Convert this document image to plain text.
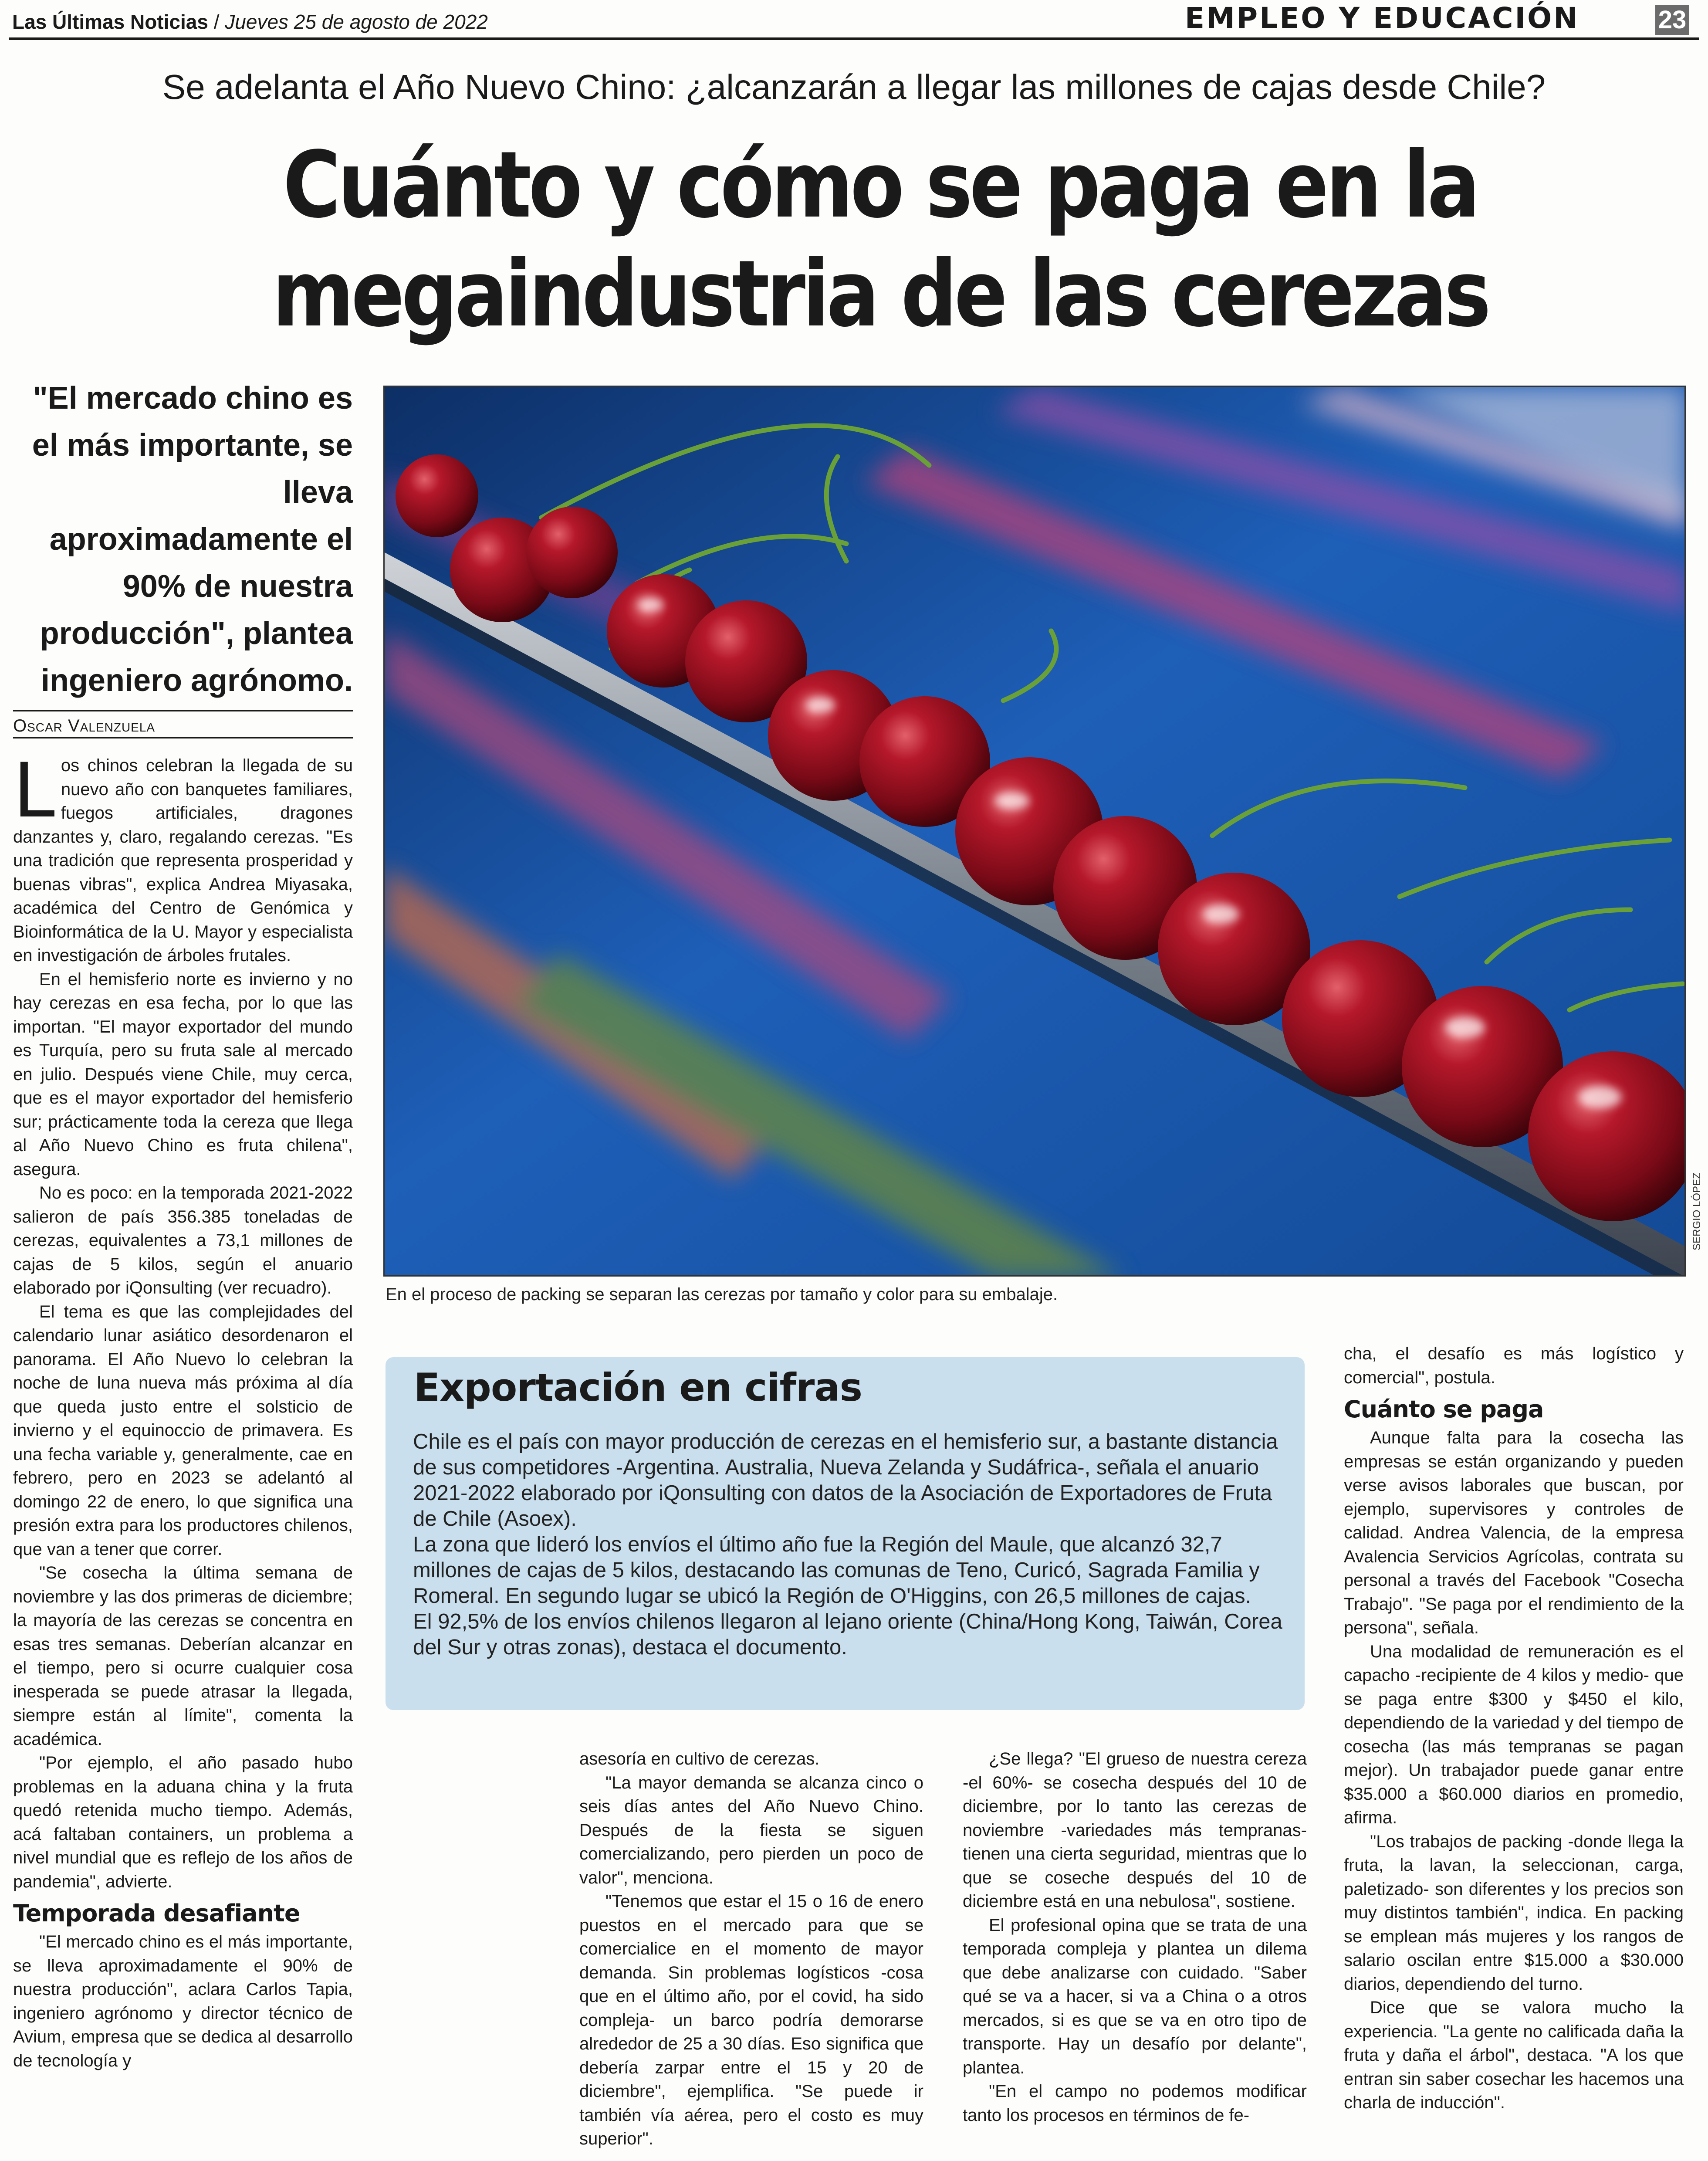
Las Últimas Noticias / Jueves 25 de agosto de 2022	EMPLEO Y EDUCACIÓN	23
Se adelanta el Año Nuevo Chino: ¿alcanzarán a llegar las millones de cajas desde Chile?
Cuánto y cómo se paga en la
megaindustria de las cerezas
"El mercado chino es el más importante, se lleva aproximadamente el 90% de nuestra producción", plantea ingeniero agrónomo.
Oscar Valenzuela

Los chinos celebran la llegada de su nuevo año con banquetes familiares, fuegos artificiales, dragones danzantes y, claro, regalando cerezas. "Es una tradición que representa prosperidad y buenas vibras", explica Andrea Miyasaka, académica del Centro de Genómica y Bioinformática de la U. Mayor y especialista en investigación de árboles frutales.

En el hemisferio norte es invierno y no hay cerezas en esa fecha, por lo que las importan. "El mayor exportador del mundo es Turquía, pero su fruta sale al mercado en julio. Después viene Chile, muy cerca, que es el mayor exportador del hemisferio sur; prácticamente toda la cereza que llega al Año Nuevo Chino es fruta chilena", asegura.

No es poco: en la temporada 2021-2022 salieron de país 356.385 toneladas de cerezas, equivalentes a 73,1 millones de cajas de 5 kilos, según el anuario elaborado por iQonsulting (ver recuadro).

El tema es que las complejidades del calendario lunar asiático desordenaron el panorama. El Año Nuevo lo celebran la noche de luna nueva más próxima al día que queda justo entre el solsticio de invierno y el equinoccio de primavera. Es una fecha variable y, generalmente, cae en febrero, pero en 2023 se adelantó al domingo 22 de enero, lo que significa una presión extra para los productores chilenos, que van a tener que correr.

"Se cosecha la última semana de noviembre y las dos primeras de diciembre; la mayoría de las cerezas se concentra en esas tres semanas. Deberían alcanzar en el tiempo, pero si ocurre cualquier cosa inesperada se puede atrasar la llegada, siempre están al límite", comenta la académica.

"Por ejemplo, el año pasado hubo problemas en la aduana china y la fruta quedó retenida mucho tiempo. Además, acá faltaban containers, un problema a nivel mundial que es reflejo de los años de pandemia", advierte.

Temporada desafiante

"El mercado chino es el más importante, se lleva aproximadamente el 90% de nuestra producción", aclara Carlos Tapia, ingeniero agrónomo y director técnico de Avium, empresa que se dedica al desarrollo de tecnología y

SERGIO LÓPEZ
En el proceso de packing se separan las cerezas por tamaño y color para su embalaje.
Exportación en cifras

Chile es el país con mayor producción de cerezas en el hemisferio sur, a bastante distancia de sus competidores -Argentina. Australia, Nueva Zelanda y Sudáfrica-, señala el anuario 2021-2022 elaborado por iQonsulting con datos de la Asociación de Exportadores de Fruta de Chile (Asoex).

La zona que lideró los envíos el último año fue la Región del Maule, que alcanzó 32,7 millones de cajas de 5 kilos, destacando las comunas de Teno, Curicó, Sagrada Familia y Romeral. En segundo lugar se ubicó la Región de O'Higgins, con 26,5 millones de cajas.

El 92,5% de los envíos chilenos llegaron al lejano oriente (China/Hong Kong, Taiwán, Corea del Sur y otras zonas), destaca el documento.

asesoría en cultivo de cerezas.

"La mayor demanda se alcanza cinco o seis días antes del Año Nuevo Chino. Después de la fiesta se siguen comercializando, pero pierden un poco de valor", menciona.

"Tenemos que estar el 15 o 16 de enero puestos en el mercado para que se comercialice en el momento de mayor demanda. Sin problemas logísticos -cosa que en el último año, por el covid, ha sido compleja- un barco podría demorarse alrededor de 25 a 30 días. Eso significa que debería zarpar entre el 15 y 20 de diciembre", ejemplifica. "Se puede ir también vía aérea, pero el costo es muy superior".

¿Se llega? "El grueso de nuestra cereza -el 60%- se cosecha después del 10 de diciembre, por lo tanto las cerezas de noviembre -variedades más tempranas- tienen una cierta seguridad, mientras que lo que se coseche después del 10 de diciembre está en una nebulosa", sostiene.

El profesional opina que se trata de una temporada compleja y plantea un dilema que debe analizarse con cuidado. "Saber qué se va a hacer, si va a China o a otros mercados, si es que se va en otro tipo de transporte. Hay un desafío por delante", plantea.

"En el campo no podemos modificar tanto los procesos en términos de fe-

cha, el desafío es más logístico y comercial", postula.

Cuánto se paga

Aunque falta para la cosecha las empresas se están organizando y pueden verse avisos laborales que buscan, por ejemplo, supervisores y controles de calidad. Andrea Valencia, de la empresa Avalencia Servicios Agrícolas, contrata su personal a través del Facebook "Cosecha Trabajo". "Se paga por el rendimiento de la persona", señala.

Una modalidad de remuneración es el capacho -recipiente de 4 kilos y medio- que se paga entre $300 y $450 el kilo, dependiendo de la variedad y del tiempo de cosecha (las más tempranas se pagan mejor). Un trabajador puede ganar entre $35.000 a $60.000 diarios en promedio, afirma.

"Los trabajos de packing -donde llega la fruta, la lavan, la seleccionan, carga, paletizado- son diferentes y los precios son muy distintos también", indica. En packing se emplean más mujeres y los rangos de salario oscilan entre $15.000 a $30.000 diarios, dependiendo del turno.

Dice que se valora mucho la experiencia. "La gente no calificada daña la fruta y daña el árbol", destaca. "A los que entran sin saber cosechar les hacemos una charla de inducción".
